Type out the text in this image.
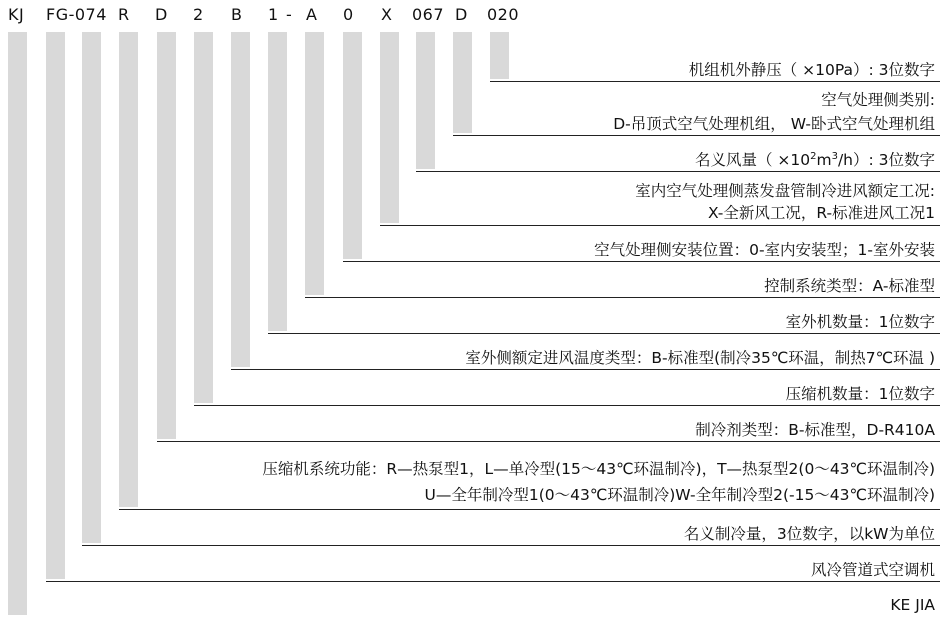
KJ FG-074 R D 2 B 1 - A 0 X 067 D 020
机组机外静压（ ×10Pa）: 3位数字
空气处理侧类别:
D-吊顶式空气处理机组， W-卧式空气处理机组
名义风量（ $\times 10^2m^3/h$）: 3位数字
室内空气处理侧蒸发盘管制冷进风额定工况:
X-全新风工况，R-标准进风工况1
空气处理侧安装位置：0-室内安装型；1-室外安装
控制系统类型：A-标准型
室外机数量：1位数字
室外侧额定进风温度类型：B-标准型(制冷35℃环温，制热7℃环温 )
压缩机数量：1位数字
制冷剂类型：B-标准型，D-R410A
压缩机系统功能：R—热泵型1，L—单冷型(15～43℃环温制冷)，T—热泵型2(0～43℃环温制冷)
U—全年制冷型1(0～43℃环温制冷)W-全年制冷型2(-15～43℃环温制冷)
名义制冷量，3位数字，以kW为单位
风冷管道式空调机
KE JIA
